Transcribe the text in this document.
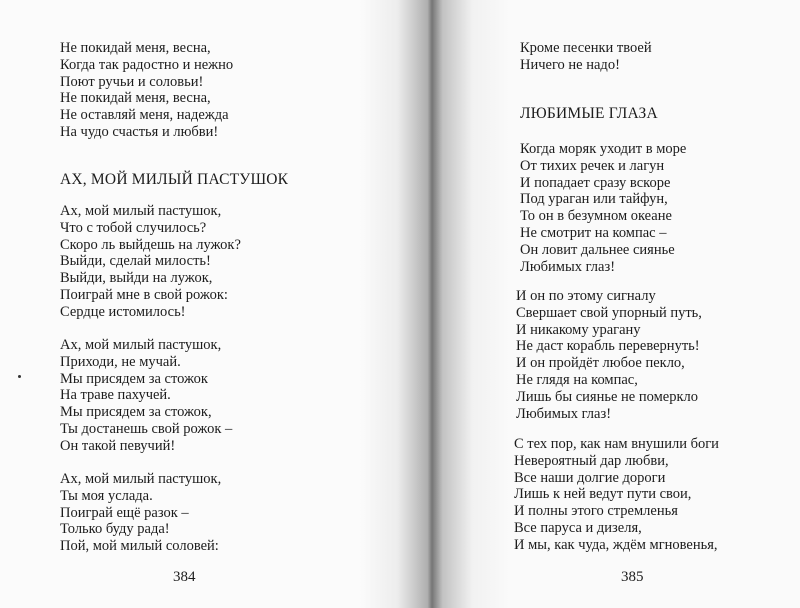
Не покидай меня, весна,
Когда так радостно и нежно
Поют ручьи и соловьи!
Не покидай меня, весна,
Не оставляй меня, надежда
На чудо счастья и любви!
АХ, МОЙ МИЛЫЙ ПАСТУШОК
Ах, мой милый пастушок,
Что с тобой случилось?
Скоро ль выйдешь на лужок?
Выйди, сделай милость!
Выйди, выйди на лужок,
Поиграй мне в свой рожок:
Сердце истомилось!
Ах, мой милый пастушок,
Приходи, не мучай.
Мы присядем за стожок
На траве пахучей.
Мы присядем за стожок,
Ты достанешь свой рожок –
Он такой певучий!
Ах, мой милый пастушок,
Ты моя услада.
Поиграй ещё разок –
Только буду рада!
Пой, мой милый соловей:
384
Кроме песенки твоей
Ничего не надо!
ЛЮБИМЫЕ ГЛАЗА
Когда моряк уходит в море
От тихих речек и лагун
И попадает сразу вскоре
Под ураган или тайфун,
То он в безумном океане
Не смотрит на компас –
Он ловит дальнее сиянье
Любимых глаз!
И он по этому сигналу
Свершает свой упорный путь,
И никакому урагану
Не даст корабль перевернуть!
И он пройдёт любое пекло,
Не глядя на компас,
Лишь бы сиянье не померкло
Любимых глаз!
С тех пор, как нам внушили боги
Невероятный дар любви,
Все наши долгие дороги
Лишь к ней ведут пути свои,
И полны этого стремленья
Все паруса и дизеля,
И мы, как чуда, ждём мгновенья,
385
